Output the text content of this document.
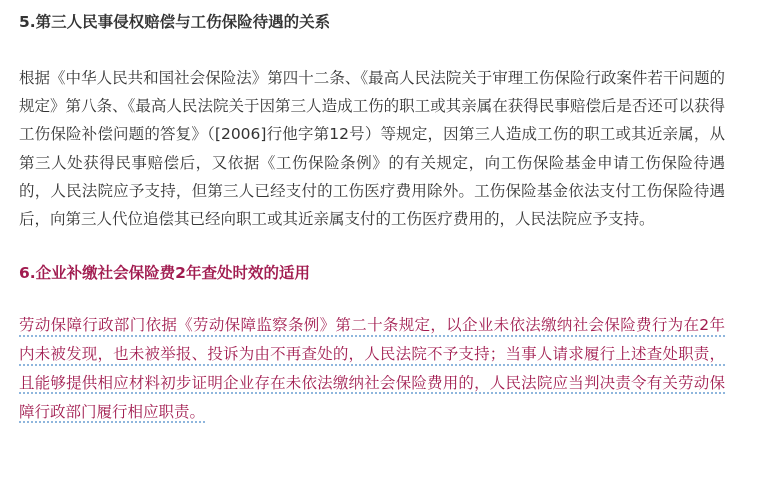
5.第三人民事侵权赔偿与工伤保险待遇的关系

根据《中华人民共和国社会保险法》第四十二条、《最高人民法院关于审理工伤保险行政案件若干问题的规定》第八条、《最高人民法院关于因第三人造成工伤的职工或其亲属在获得民事赔偿后是否还可以获得工伤保险补偿问题的答复》（[2006]行他字第12号）等规定，因第三人造成工伤的职工或其近亲属，从第三人处获得民事赔偿后，又依据《工伤保险条例》的有关规定，向工伤保险基金申请工伤保险待遇的，人民法院应予支持，但第三人已经支付的工伤医疗费用除外。工伤保险基金依法支付工伤保险待遇后，向第三人代位追偿其已经向职工或其近亲属支付的工伤医疗费用的，人民法院应予支持。

6.企业补缴社会保险费2年查处时效的适用

劳动保障行政部门依据《劳动保障监察条例》第二十条规定，以企业未依法缴纳社会保险费行为在2年内未被发现，也未被举报、投诉为由不再查处的，人民法院不予支持；当事人请求履行上述查处职责，且能够提供相应材料初步证明企业存在未依法缴纳社会保险费用的，人民法院应当判决责令有关劳动保障行政部门履行相应职责。
